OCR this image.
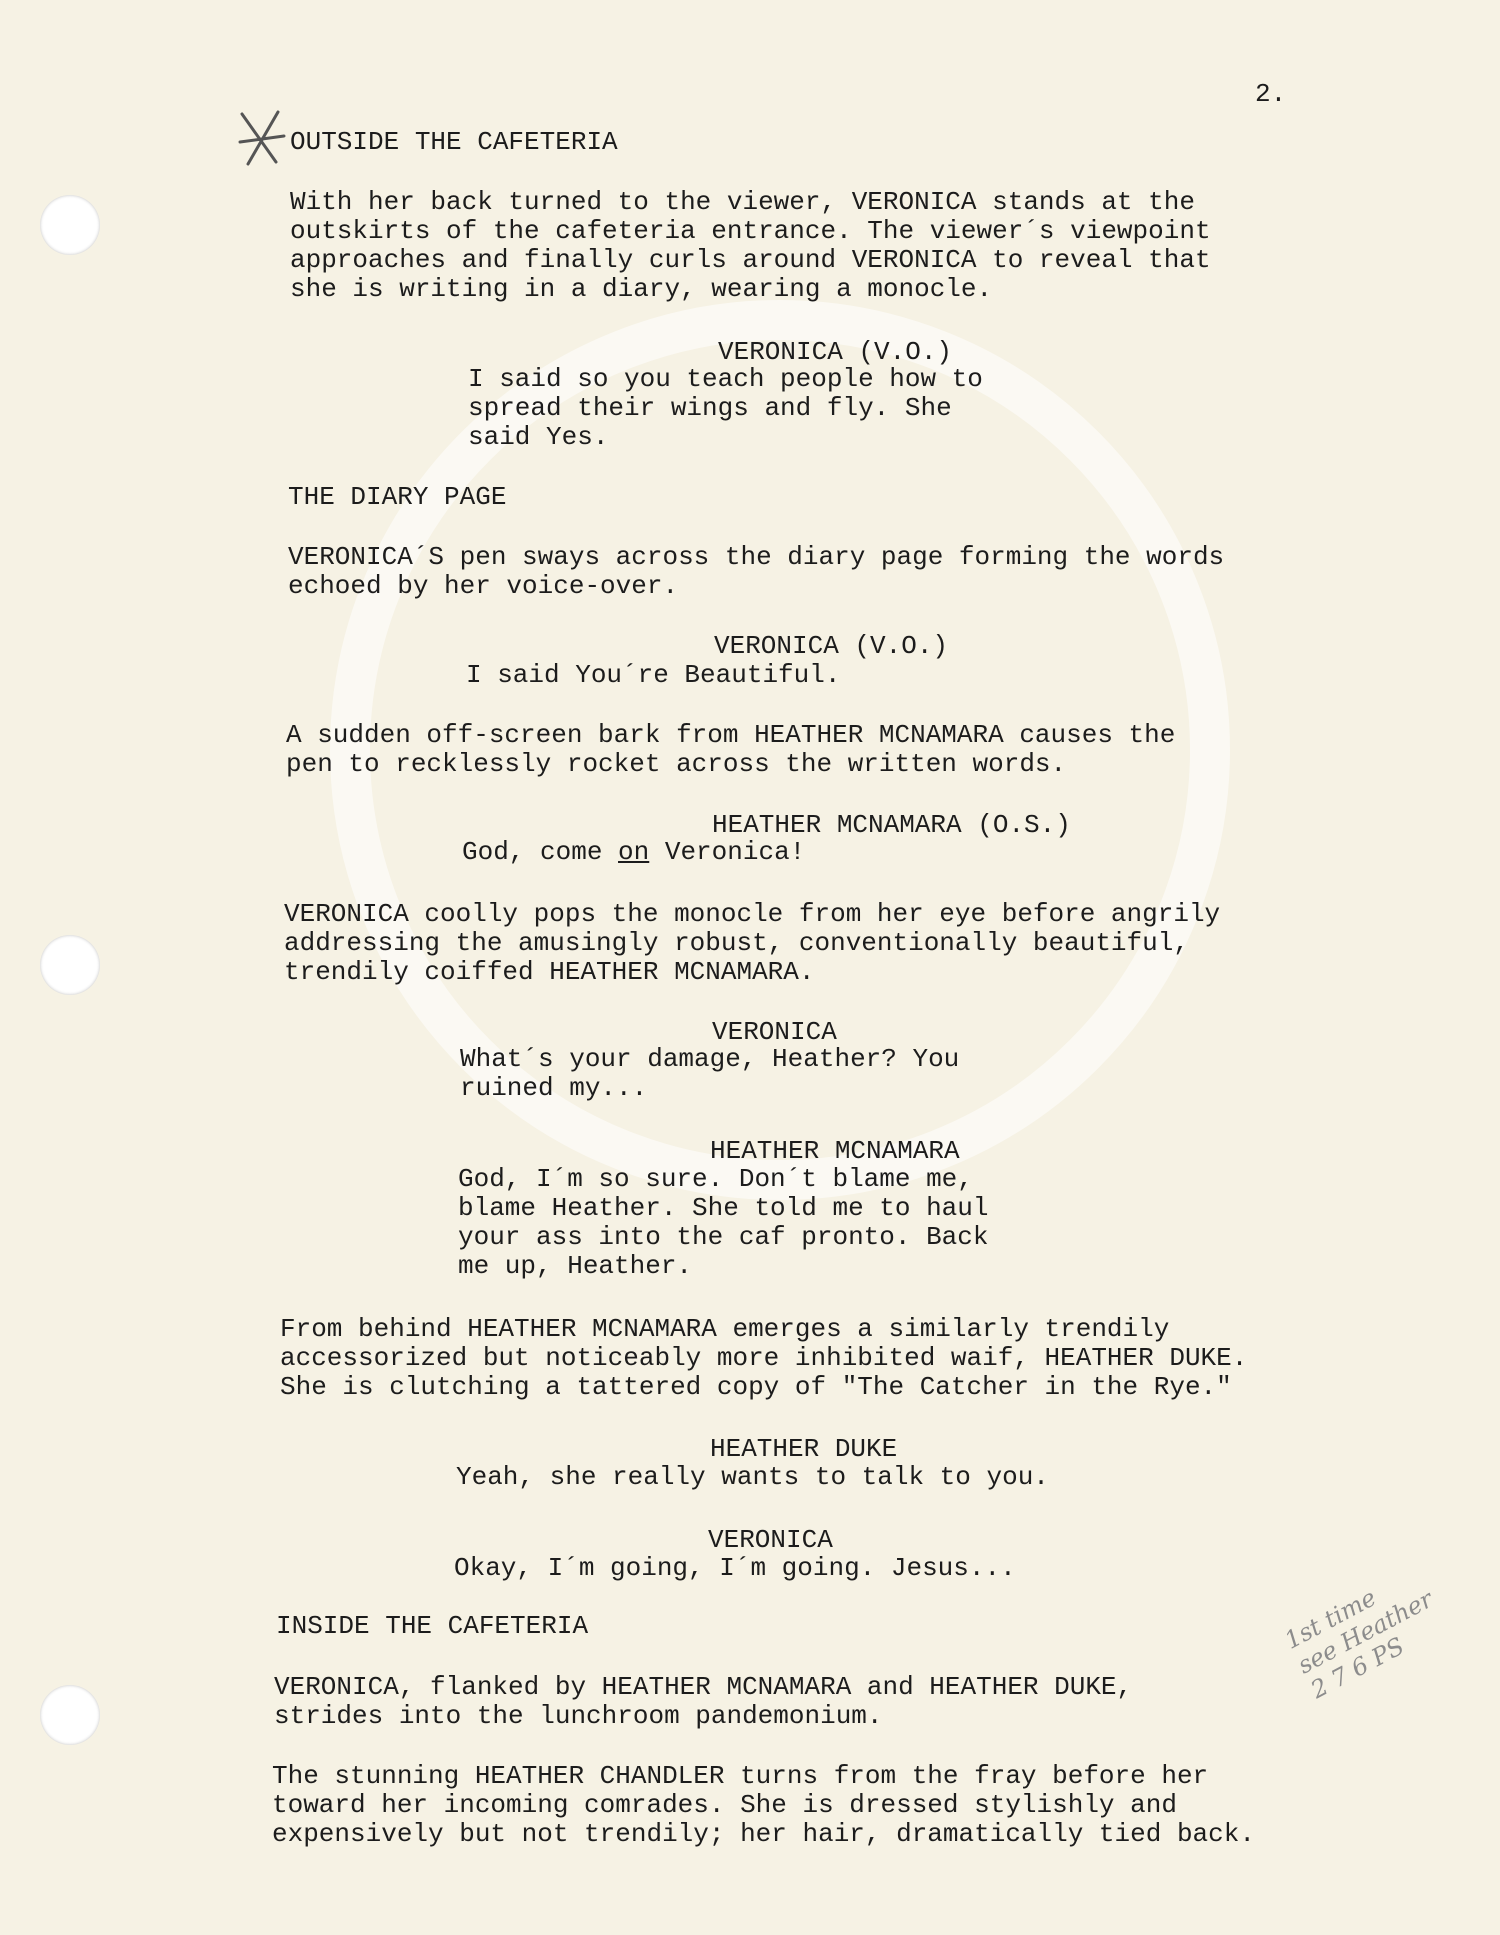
2.

OUTSIDE THE CAFETERIA

With her back turned to the viewer, VERONICA stands at the
outskirts of the cafeteria entrance. The viewer´s viewpoint
approaches and finally curls around VERONICA to reveal that
she is writing in a diary, wearing a monocle.

VERONICA (V.O.)

I said so you teach people how to
spread their wings and fly. She
said Yes.

THE DIARY PAGE

VERONICA´S pen sways across the diary page forming the words
echoed by her voice-over.

VERONICA (V.O.)

I said You´re Beautiful.

A sudden off-screen bark from HEATHER MCNAMARA causes the
pen to recklessly rocket across the written words.

HEATHER MCNAMARA (O.S.)

God, come on Veronica!

VERONICA coolly pops the monocle from her eye before angrily
addressing the amusingly robust, conventionally beautiful,
trendily coiffed HEATHER MCNAMARA.

VERONICA

What´s your damage, Heather? You
ruined my...

HEATHER MCNAMARA

God, I´m so sure. Don´t blame me,
blame Heather. She told me to haul
your ass into the caf pronto. Back
me up, Heather.

From behind HEATHER MCNAMARA emerges a similarly trendily
accessorized but noticeably more inhibited waif, HEATHER DUKE.
She is clutching a tattered copy of "The Catcher in the Rye."

HEATHER DUKE

Yeah, she really wants to talk to you.

VERONICA

Okay, I´m going, I´m going. Jesus...

INSIDE THE CAFETERIA

VERONICA, flanked by HEATHER MCNAMARA and HEATHER DUKE,
strides into the lunchroom pandemonium.

The stunning HEATHER CHANDLER turns from the fray before her
toward her incoming comrades. She is dressed stylishly and
expensively but not trendily; her hair, dramatically tied back.

1st time
see Heather
2 7 6 PS
